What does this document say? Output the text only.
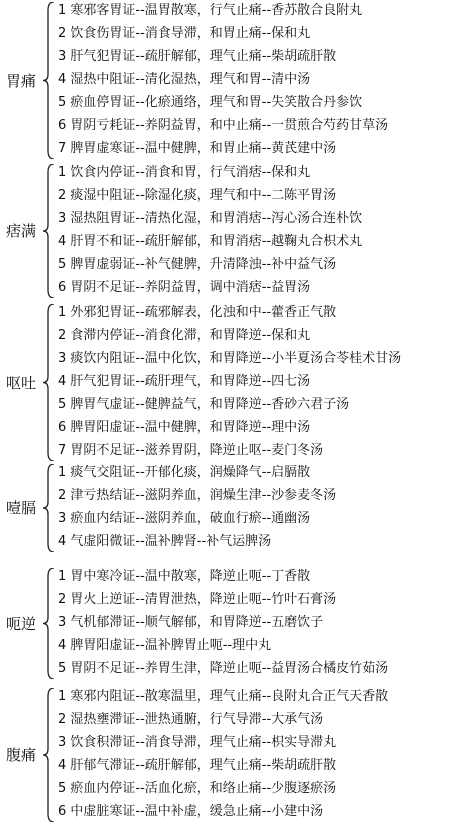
胃痛
1 寒邪客胃证--温胃散寒，行气止痛--香苏散合良附丸
2 饮食伤胃证--消食导滞，和胃止痛--保和丸
3 肝气犯胃证--疏肝解郁，理气止痛--柴胡疏肝散
4 湿热中阻证--清化湿热，理气和胃--清中汤
5 瘀血停胃证--化瘀通络，理气和胃--失笑散合丹参饮
6 胃阴亏耗证--养阴益胃，和中止痛--一贯煎合芍药甘草汤
7 脾胃虚寒证--温中健脾，和胃止痛--黄芪建中汤
痞满
1 饮食内停证--消食和胃，行气消痞--保和丸
2 痰湿中阻证--除湿化痰，理气和中--二陈平胃汤
3 湿热阻胃证--清热化湿，和胃消痞--泻心汤合连朴饮
4 肝胃不和证--疏肝解郁，和胃消痞--越鞠丸合枳术丸
5 脾胃虚弱证--补气健脾，升清降浊--补中益气汤
6 胃阴不足证--养阴益胃，调中消痞--益胃汤
呕吐
1 外邪犯胃证--疏邪解表，化浊和中--藿香正气散
2 食滞内停证--消食化滞，和胃降逆--保和丸
3 痰饮内阻证--温中化饮，和胃降逆--小半夏汤合苓桂术甘汤
4 肝气犯胃证--疏肝理气，和胃降逆--四七汤
5 脾胃气虚证--健脾益气，和胃降逆--香砂六君子汤
6 脾胃阳虚证--温中健脾，和胃降逆--理中汤
7 胃阴不足证--滋养胃阴，降逆止呕--麦门冬汤
噎膈
1 痰气交阻证--开郁化痰，润燥降气--启膈散
2 津亏热结证--滋阴养血，润燥生津--沙参麦冬汤
3 瘀血内结证--滋阴养血，破血行瘀--通幽汤
4 气虚阳微证--温补脾肾--补气运脾汤
呃逆
1 胃中寒冷证--温中散寒，降逆止呃--丁香散
2 胃火上逆证--清胃泄热，降逆止呃--竹叶石膏汤
3 气机郁滞证--顺气解郁，和胃降逆--五磨饮子
4 脾胃阳虚证--温补脾胃止呃--理中丸
5 胃阴不足证--养胃生津，降逆止呃--益胃汤合橘皮竹茹汤
腹痛
1 寒邪内阻证--散寒温里，理气止痛--良附丸合正气天香散
2 湿热壅滞证--泄热通腑，行气导滞--大承气汤
3 饮食积滞证--消食导滞，理气止痛--枳实导滞丸
4 肝郁气滞证--疏肝解郁，理气止痛--柴胡疏肝散
5 瘀血内停证--活血化瘀，和络止痛--少腹逐瘀汤
6 中虚脏寒证--温中补虚，缓急止痛--小建中汤
